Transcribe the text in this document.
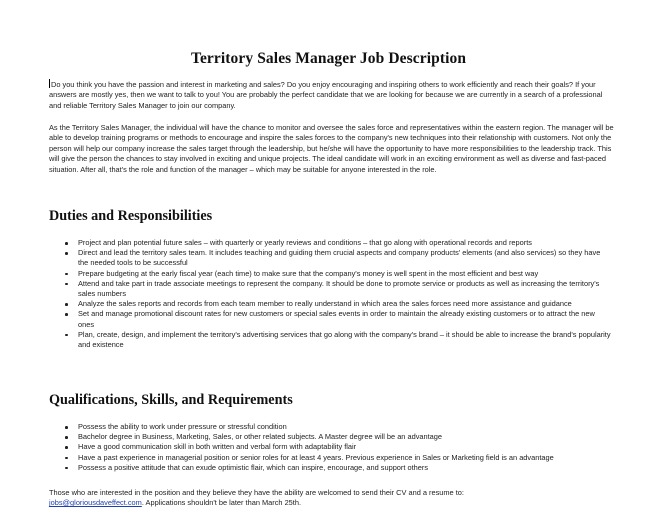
Territory Sales Manager Job Description
Do you think you have the passion and interest in marketing and sales? Do you enjoy encouraging and inspiring others to work efficiently and reach their goals? If your answers are mostly yes, then we want to talk to you! You are probably the perfect candidate that we are looking for because we are currently in a search of a professional and reliable Territory Sales Manager to join our company.
As the Territory Sales Manager, the individual will have the chance to monitor and oversee the sales force and representatives within the eastern region. The manager will be able to develop training programs or methods to encourage and inspire the sales forces to the company's new techniques into their relationship with customers. Not only the person will help our company increase the sales target through the leadership, but he/she will have the opportunity to have more responsibilities to the leadership track. This will give the person the chances to stay involved in exciting and unique projects. The ideal candidate will work in an exciting environment as well as diverse and fast-paced situation. After all, that's the role and function of the manager – which may be suitable for anyone interested in the role.
Duties and Responsibilities
Project and plan potential future sales – with quarterly or yearly reviews and conditions – that go along with operational records and reports
Direct and lead the territory sales team. It includes teaching and guiding them crucial aspects and company products' elements (and also services) so they have the needed tools to be successful
Prepare budgeting at the early fiscal year (each time) to make sure that the company's money is well spent in the most efficient and best way
Attend and take part in trade associate meetings to represent the company. It should be done to promote service or products as well as increasing the territory's sales numbers
Analyze the sales reports and records from each team member to really understand in which area the sales forces need more assistance and guidance
Set and manage promotional discount rates for new customers or special sales events in order to maintain the already existing customers or to attract the new ones
Plan, create, design, and implement the territory's advertising services that go along with the company's brand – it should be able to increase the brand's popularity and existence
Qualifications, Skills, and Requirements
Possess the ability to work under pressure or stressful condition
Bachelor degree in Business, Marketing, Sales, or other related subjects. A Master degree will be an advantage
Have a good communication skill in both written and verbal form with adaptability flair
Have a past experience in managerial position or senior roles for at least 4 years. Previous experience in Sales or Marketing field is an advantage
Possess a positive attitude that can exude optimistic flair, which can inspire, encourage, and support others
Those who are interested in the position and they believe they have the ability are welcomed to send their CV and a resume to:
jobs@gloriousdaveffect.com. Applications shouldn't be later than March 25th.
